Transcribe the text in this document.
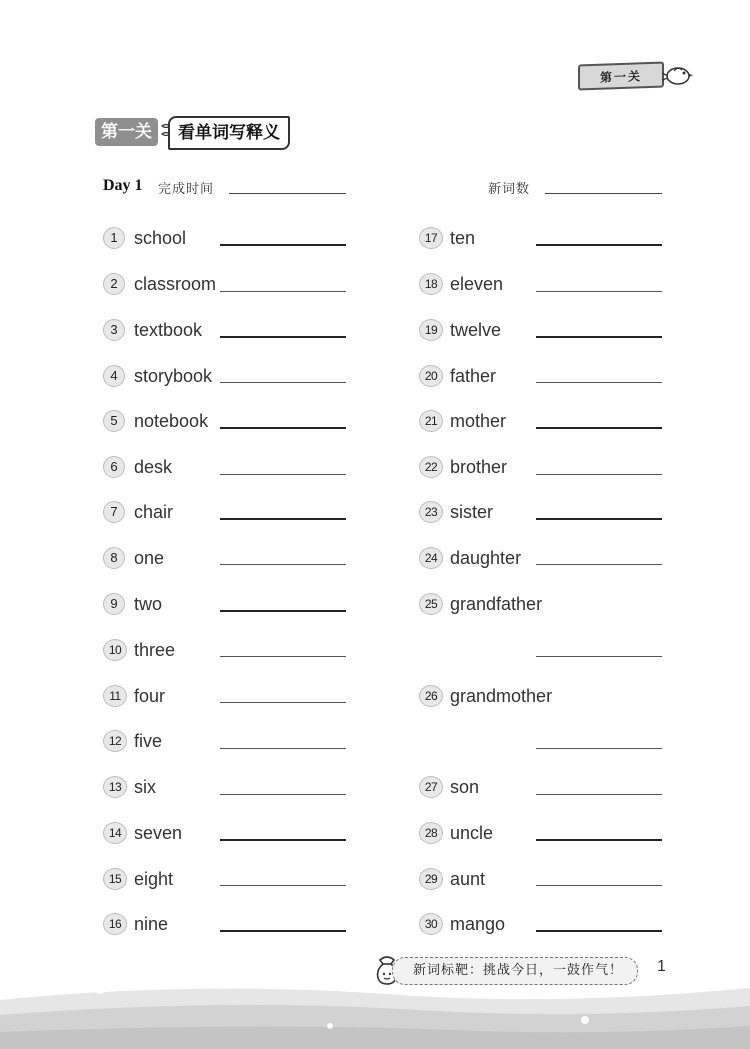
第一关
第一关	看单词写释义
Day 1 完成时间	新词数
1 school
2 classroom
3 textbook
4 storybook
5 notebook
6 desk
7 chair
8 one
9 two
10 three
11 four
12 five
13 six
14 seven
15 eight
16 nine
17 ten
18 eleven
19 twelve
20 father
21 mother
22 brother
23 sister
24 daughter
25 grandfather
26 grandmother
27 son
28 uncle
29 aunt
30 mango
新词标靶：挑战今日，一鼓作气！	1
